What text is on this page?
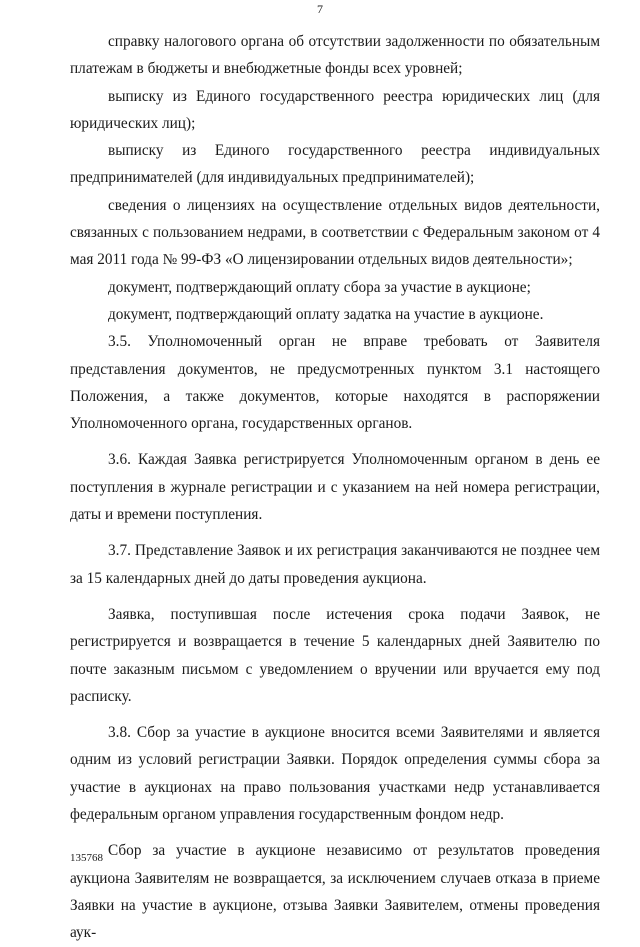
7

справку налогового органа об отсутствии задолженности по обязательным платежам в бюджеты и внебюджетные фонды всех уровней;

выписку из Единого государственного реестра юридических лиц (для юридических лиц);

выписку из Единого государственного реестра индивидуальных предпринимателей (для индивидуальных предпринимателей);

сведения о лицензиях на осуществление отдельных видов деятельности, связанных с пользованием недрами, в соответствии с Федеральным законом от 4 мая 2011 года № 99-ФЗ «О лицензировании отдельных видов деятельности»;

документ, подтверждающий оплату сбора за участие в аукционе;

документ, подтверждающий оплату задатка на участие в аукционе.

3.5. Уполномоченный орган не вправе требовать от Заявителя представления документов, не предусмотренных пунктом 3.1 настоящего Положения, а также документов, которые находятся в распоряжении Уполномоченного органа, государственных органов.

3.6. Каждая Заявка регистрируется Уполномоченным органом в день ее поступления в журнале регистрации и с указанием на ней номера регистрации, даты и времени поступления.

3.7. Представление Заявок и их регистрация заканчиваются не позднее чем за 15 календарных дней до даты проведения аукциона.

Заявка, поступившая после истечения срока подачи Заявок, не регистрируется и возвращается в течение 5 календарных дней Заявителю по почте заказным письмом с уведомлением о вручении или вручается ему под расписку.

3.8. Сбор за участие в аукционе вносится всеми Заявителями и является одним из условий регистрации Заявки. Порядок определения суммы сбора за участие в аукционах на право пользования участками недр устанавливается федеральным органом управления государственным фондом недр.

Сбор за участие в аукционе независимо от результатов проведения аукциона Заявителям не возвращается, за исключением случаев отказа в приеме Заявки на участие в аукционе, отзыва Заявки Заявителем, отмены проведения аук-

135768
